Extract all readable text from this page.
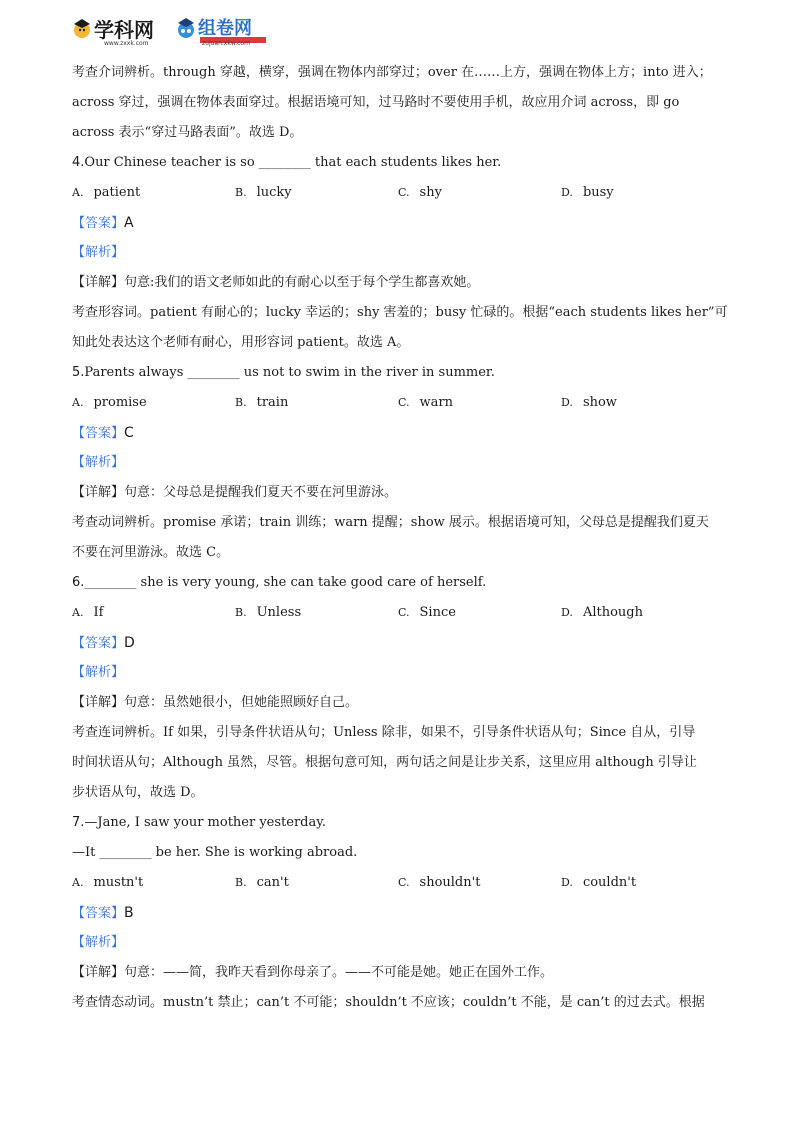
学科网
www.zxxk.com
组卷网
zujuan.xkw.com
考查介词辨析。through 穿越，横穿，强调在物体内部穿过；over 在……上方，强调在物体上方；into 进入；
across 穿过，强调在物体表面穿过。根据语境可知，过马路时不要使用手机，故应用介词 across，即 go
across 表示“穿过马路表面”。故选 D。
4.Our Chinese teacher is so ________ that each students likes her.
A. patient	B. lucky	C. shy	D. busy
【答案】A
【解析】
【详解】句意:我们的语文老师如此的有耐心以至于每个学生都喜欢她。
考查形容词。patient 有耐心的；lucky 幸运的；shy 害羞的；busy 忙碌的。根据“each students likes her”可
知此处表达这个老师有耐心，用形容词 patient。故选 A。
5.Parents always ________ us not to swim in the river in summer.
A. promise	B. train	C. warn	D. show
【答案】C
【解析】
【详解】句意：父母总是提醒我们夏天不要在河里游泳。
考查动词辨析。promise 承诺；train 训练；warn 提醒；show 展示。根据语境可知，父母总是提醒我们夏天
不要在河里游泳。故选 C。
6.________ she is very young, she can take good care of herself.
A. If	B. Unless	C. Since	D. Although
【答案】D
【解析】
【详解】句意：虽然她很小，但她能照顾好自己。
考查连词辨析。If 如果，引导条件状语从句；Unless 除非，如果不，引导条件状语从句；Since 自从，引导
时间状语从句；Although 虽然，尽管。根据句意可知，两句话之间是让步关系，这里应用 although 引导让
步状语从句，故选 D。
7.—Jane, I saw your mother yesterday.
—It ________ be her. She is working abroad.
A. mustn't	B. can't	C. shouldn't	D. couldn't
【答案】B
【解析】
【详解】句意：——简，我昨天看到你母亲了。——不可能是她。她正在国外工作。
考查情态动词。mustn’t 禁止；can’t 不可能；shouldn’t 不应该；couldn’t 不能，是 can’t 的过去式。根据
